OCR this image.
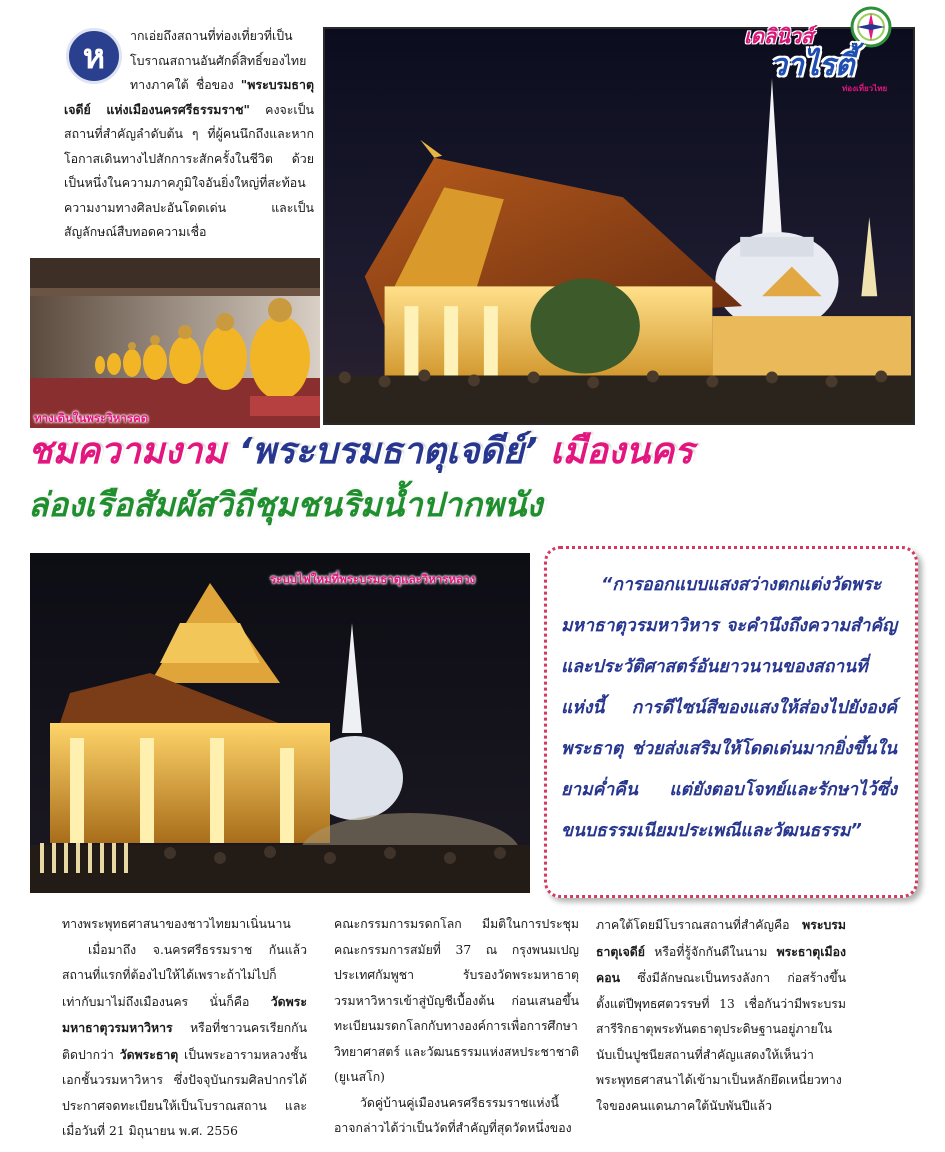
ห
ากเอ่ยถึงสถานที่ท่องเที่ยวที่เป็นโบราณสถานอันศักดิ์สิทธิ์ของไทยทางภาคใต้ ชื่อของ "พระบรมธาตุเจดีย์ แห่งเมืองนครศรีธรรมราช" คงจะเป็นสถานที่สำคัญลำดับต้น ๆ ที่ผู้คนนึกถึงและหากโอกาสเดินทางไปสักการะสักครั้งในชีวิต ด้วยเป็นหนึ่งในความภาคภูมิใจอันยิ่งใหญ่ที่สะท้อนความงามทางศิลปะอันโดดเด่น และเป็นสัญลักษณ์สืบทอดความเชื่อ
เดลินิวส์
วาไรตี้
ท่องเที่ยวไทย
ทางเดินในพระวิหารคด
ชมความงาม ‘พระบรมธาตุเจดีย์’ เมืองนคร
ล่องเรือสัมผัสวิถีชุมชนริมน้ำปากพนัง
ระบบไฟใหม่ที่พระบรมธาตุและวิหารหลวง	“การออกแบบแสงสว่างตกแต่งวัดพระมหาธาตุวรมหาวิหาร จะคำนึงถึงความสำคัญและประวัติศาสตร์อันยาวนานของสถานที่แห่งนี้ การดีไซน์สีของแสงให้ส่องไปยังองค์พระธาตุ ช่วยส่งเสริมให้โดดเด่นมากยิ่งขึ้นในยามค่ำคืน แต่ยังตอบโจทย์และรักษาไว้ซึ่งขนบธรรมเนียมประเพณีและวัฒนธรรม”

ทางพระพุทธศาสนาของชาวไทยมาเนิ่นนาน

เมื่อมาถึง จ.นครศรีธรรมราช กันแล้ว สถานที่แรกที่ต้องไปให้ได้เพราะถ้าไม่ไปก็เท่ากับมาไม่ถึงเมืองนคร นั่นก็คือ วัดพระมหาธาตุวรมหาวิหาร หรือที่ชาวนครเรียกกันติดปากว่า วัดพระธาตุ เป็นพระอารามหลวงชั้นเอกชั้นวรมหาวิหาร ซึ่งปัจจุบันกรมศิลปากรได้ประกาศจดทะเบียนให้เป็นโบราณสถาน และ เมื่อวันที่ 21 มิถุนายน พ.ศ. 2556

คณะกรรมการมรดกโลก มีมติในการประชุมคณะกรรมการสมัยที่ 37 ณ กรุงพนมเปญ ประเทศกัมพูชา รับรองวัดพระมหาธาตุวรมหาวิหารเข้าสู่บัญชีเบื้องต้น ก่อนเสนอขึ้นทะเบียนมรดกโลกกับทางองค์การเพื่อการศึกษา วิทยาศาสตร์ และวัฒนธรรมแห่งสหประชาชาติ (ยูเนสโก)

วัดคู่บ้านคู่เมืองนครศรีธรรมราชแห่งนี้อาจกล่าวได้ว่าเป็นวัดที่สำคัญที่สุดวัดหนึ่งของ

ภาคใต้โดยมีโบราณสถานที่สำคัญคือ พระบรมธาตุเจดีย์ หรือที่รู้จักกันดีในนาม พระธาตุเมืองคอน ซึ่งมีลักษณะเป็นทรงลังกา ก่อสร้างขึ้นตั้งแต่ปีพุทธศตวรรษที่ 13 เชื่อกันว่ามีพระบรมสารีริกธาตุพระทันตธาตุประดิษฐานอยู่ภายใน นับเป็นปูชนียสถานที่สำคัญแสดงให้เห็นว่า พระพุทธศาสนาได้เข้ามาเป็นหลักยึดเหนี่ยวทางใจของคนแดนภาคใต้นับพันปีแล้ว
